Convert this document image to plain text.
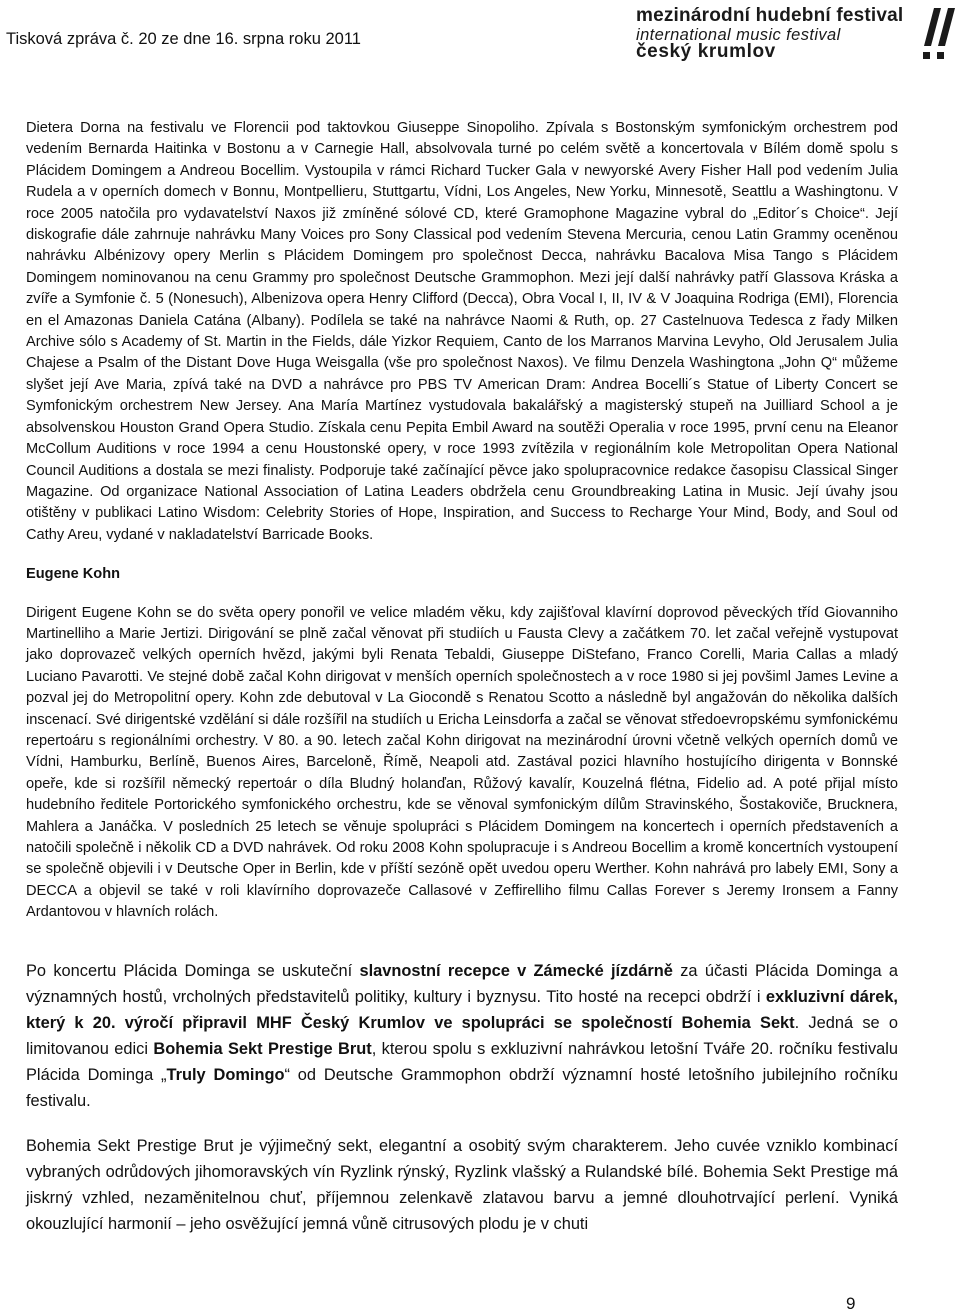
Tisková zpráva č. 20 ze dne 16. srpna roku 2011
mezinárodní hudební festival
international music festival
český krumlov

Dietera Dorna na festivalu ve Florencii pod taktovkou Giuseppe Sinopoliho. Zpívala s Bostonským symfonickým orchestrem pod vedením Bernarda Haitinka v Bostonu a v Carnegie Hall, absolvovala turné po celém světě a koncertovala v Bílém domě spolu s Plácidem Domingem a Andreou Bocellim. Vystoupila v rámci Richard Tucker Gala v newyorské Avery Fisher Hall pod vedením Julia Rudela a v operních domech v Bonnu, Montpellieru, Stuttgartu, Vídni, Los Angeles, New Yorku, Minnesotě, Seattlu a Washingtonu. V roce 2005 natočila pro vydavatelství Naxos již zmíněné sólové CD, které Gramophone Magazine vybral do „Editor´s Choice“. Její diskografie dále zahrnuje nahrávku Many Voices pro Sony Classical pod vedením Stevena Mercuria, cenou Latin Grammy oceněnou nahrávku Albénizovy opery Merlin s Plácidem Domingem pro společnost Decca, nahrávku Bacalova Misa Tango s Plácidem Domingem nominovanou na cenu Grammy pro společnost Deutsche Grammophon. Mezi její další nahrávky patří Glassova Kráska a zvíře a Symfonie č. 5 (Nonesuch), Albenizova opera Henry Clifford (Decca), Obra Vocal I, II, IV & V Joaquina Rodriga (EMI), Florencia en el Amazonas Daniela Catána (Albany). Podílela se také na nahrávce Naomi & Ruth, op. 27 Castelnuova Tedesca z řady Milken Archive sólo s Academy of St. Martin in the Fields, dále Yizkor Requiem, Canto de los Marranos Marvina Levyho, Old Jerusalem Julia Chajese a Psalm of the Distant Dove Huga Weisgalla (vše pro společnost Naxos). Ve filmu Denzela Washingtona „John Q“ můžeme slyšet její Ave Maria, zpívá také na DVD a nahrávce pro PBS TV American Dram: Andrea Bocelli´s Statue of Liberty Concert se Symfonickým orchestrem New Jersey. Ana María Martínez vystudovala bakalářský a magisterský stupeň na Juilliard School a je absolvenskou Houston Grand Opera Studio. Získala cenu Pepita Embil Award na soutěži Operalia v roce 1995, první cenu na Eleanor McCollum Auditions v roce 1994 a cenu Houstonské opery, v roce 1993 zvítězila v regionálním kole Metropolitan Opera National Council Auditions a dostala se mezi finalisty. Podporuje také začínající pěvce jako spolupracovnice redakce časopisu Classical Singer Magazine. Od organizace National Association of Latina Leaders obdržela cenu Groundbreaking Latina in Music. Její úvahy jsou otištěny v publikaci Latino Wisdom: Celebrity Stories of Hope, Inspiration, and Success to Recharge Your Mind, Body, and Soul od Cathy Areu, vydané v nakladatelství Barricade Books.

Eugene Kohn

Dirigent Eugene Kohn se do světa opery ponořil ve velice mladém věku, kdy zajišťoval klavírní doprovod pěveckých tříd Giovanniho Martinelliho a Marie Jertizi. Dirigování se plně začal věnovat při studiích u Fausta Clevy a začátkem 70. let začal veřejně vystupovat jako doprovazeč velkých operních hvězd, jakými byli Renata Tebaldi, Giuseppe DiStefano, Franco Corelli, Maria Callas a mladý Luciano Pavarotti. Ve stejné době začal Kohn dirigovat v menších operních společnostech a v roce 1980 si jej povšiml James Levine a pozval jej do Metropolitní opery. Kohn zde debutoval v La Giocondě s Renatou Scotto a následně byl angažován do několika dalších inscenací. Své dirigentské vzdělání si dále rozšířil na studiích u Ericha Leinsdorfa a začal se věnovat středoevropskému symfonickému repertoáru s regionálními orchestry. V 80. a 90. letech začal Kohn dirigovat na mezinárodní úrovni včetně velkých operních domů ve Vídni, Hamburku, Berlíně, Buenos Aires, Barceloně, Římě, Neapoli atd. Zastával pozici hlavního hostujícího dirigenta v Bonnské opeře, kde si rozšířil německý repertoár o díla Bludný holanďan, Růžový kavalír, Kouzelná flétna, Fidelio ad. A poté přijal místo hudebního ředitele Portorického symfonického orchestru, kde se věnoval symfonickým dílům Stravinského, Šostakoviče, Brucknera, Mahlera a Janáčka. V posledních 25 letech se věnuje spolupráci s Plácidem Domingem na koncertech i operních představeních a natočili společně i několik CD a DVD nahrávek. Od roku 2008 Kohn spolupracuje i s Andreou Bocellim a kromě koncertních vystoupení se společně objevili i v Deutsche Oper in Berlin, kde v příští sezóně opět uvedou operu Werther. Kohn nahrává pro labely EMI, Sony a DECCA a objevil se také v roli klavírního doprovazeče Callasové v Zeffirelliho filmu Callas Forever s Jeremy Ironsem a Fanny Ardantovou v hlavních rolách.

Po koncertu Plácida Dominga se uskuteční slavnostní recepce v Zámecké jízdárně za účasti Plácida Dominga a významných hostů, vrcholných představitelů politiky, kultury i byznysu. Tito hosté na recepci obdrží i exkluzivní dárek, který k 20. výročí připravil MHF Český Krumlov ve spolupráci se společností Bohemia Sekt. Jedná se o limitovanou edici Bohemia Sekt Prestige Brut, kterou spolu s exkluzivní nahrávkou letošní Tváře 20. ročníku festivalu Plácida Dominga „Truly Domingo“ od Deutsche Grammophon obdrží významní hosté letošního jubilejního ročníku festivalu.

Bohemia Sekt Prestige Brut je výjimečný sekt, elegantní a osobitý svým charakterem. Jeho cuvée vzniklo kombinací vybraných odrůdových jihomoravských vín Ryzlink rýnský, Ryzlink vlašský a Rulandské bílé. Bohemia Sekt Prestige má jiskrný vzhled, nezaměnitelnou chuť, příjemnou zelenkavě zlatavou barvu a jemné dlouhotrvající perlení. Vyniká okouzlující harmonií – jeho osvěžující jemná vůně citrusových plodu je v chuti

9
